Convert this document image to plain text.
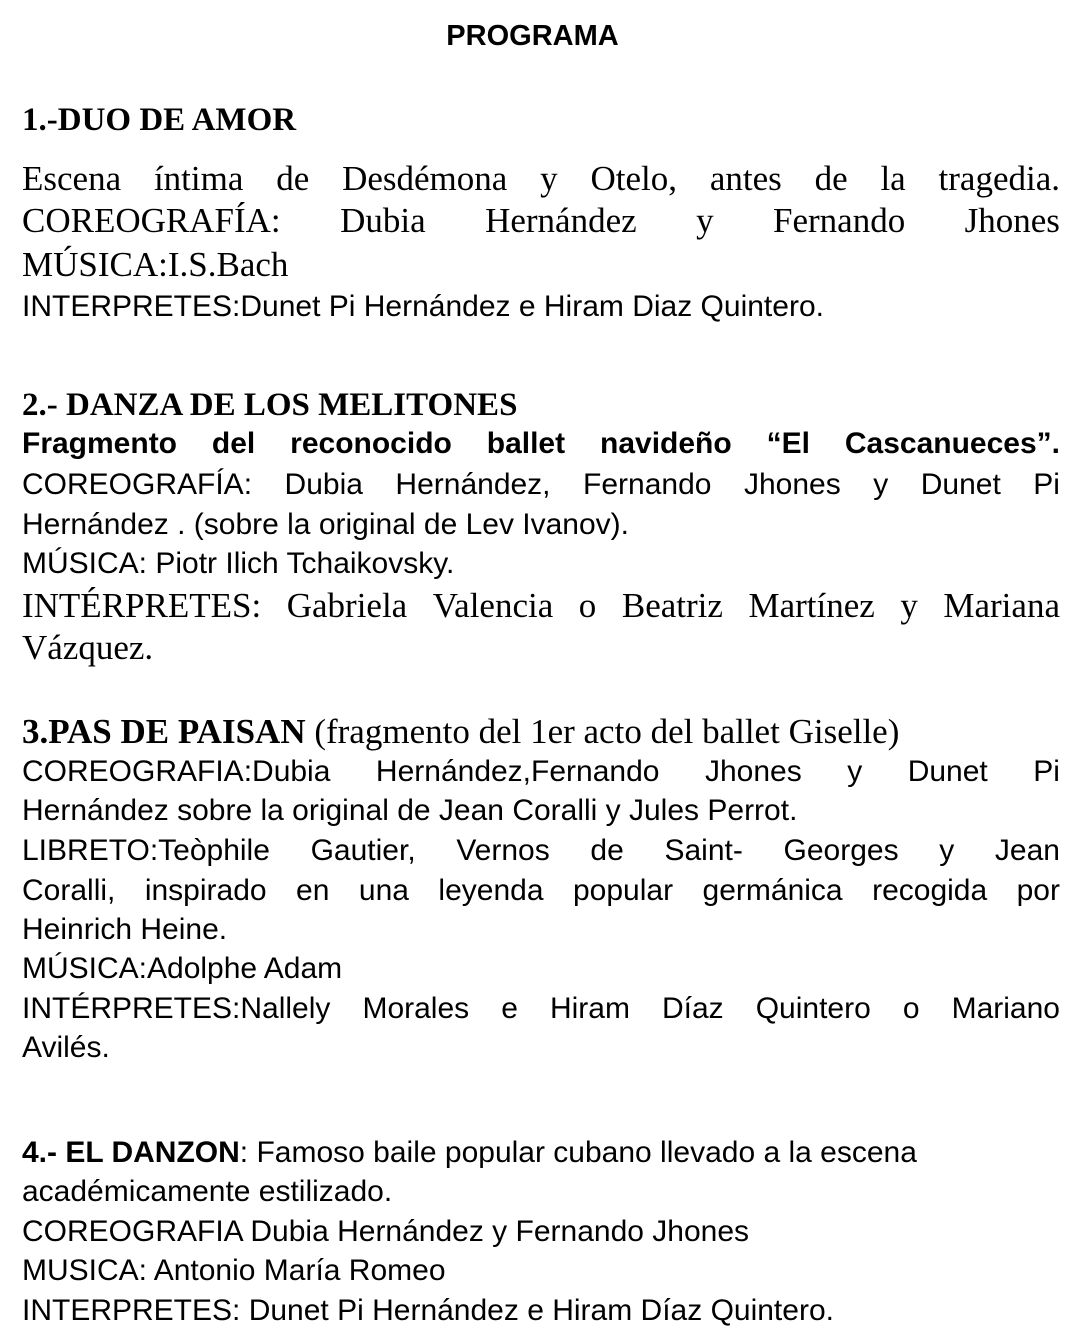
PROGRAMA
1.-DUO DE AMOR
Escena íntima de Desdémona y Otelo, antes de la tragedia.
COREOGRAFÍA: Dubia Hernández y Fernando Jhones
MÚSICA:I.S.Bach
INTERPRETES:Dunet Pi Hernández e Hiram Diaz Quintero.
2.- DANZA DE LOS MELITONES
Fragmento del reconocido ballet navideño “El Cascanueces”.
COREOGRAFÍA: Dubia Hernández, Fernando Jhones y Dunet Pi
Hernández . (sobre la original de Lev Ivanov).
MÚSICA: Piotr Ilich Tchaikovsky.
INTÉRPRETES: Gabriela Valencia o Beatriz Martínez y Mariana
Vázquez.
3.PAS DE PAISAN (fragmento del 1er acto del ballet Giselle)
COREOGRAFIA:Dubia Hernández,Fernando Jhones y Dunet Pi
Hernández sobre la original de Jean Coralli y Jules Perrot.
LIBRETO:Teòphile Gautier, Vernos de Saint- Georges y Jean
Coralli, inspirado en una leyenda popular germánica recogida por
Heinrich Heine.
MÚSICA:Adolphe Adam
INTÉRPRETES:Nallely Morales e Hiram Díaz Quintero o Mariano
Avilés.
4.- EL DANZON: Famoso baile popular cubano llevado a la escena
académicamente estilizado.
COREOGRAFIA Dubia Hernández y Fernando Jhones
MUSICA: Antonio María Romeo
INTERPRETES: Dunet Pi Hernández e Hiram Díaz Quintero.
